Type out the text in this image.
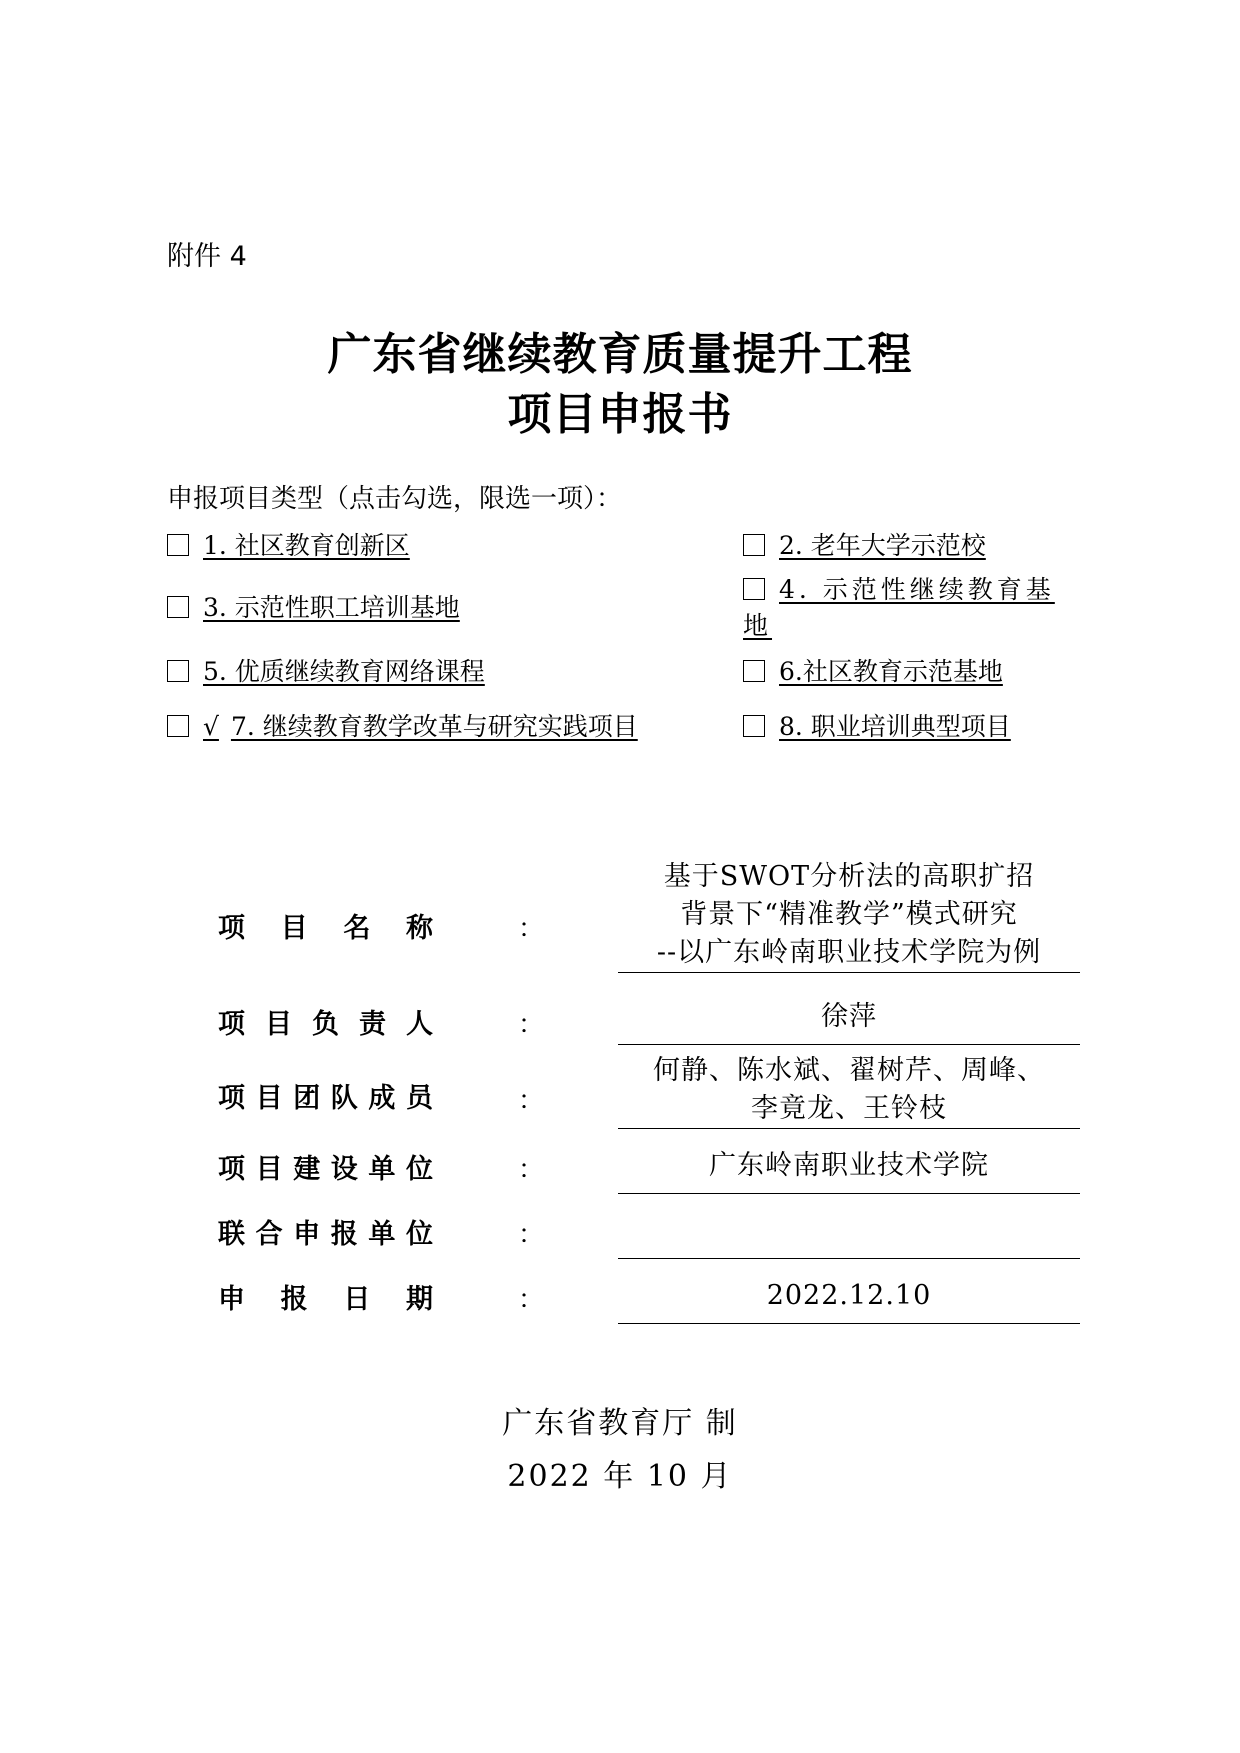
附件 4
广东省继续教育质量提升工程
项目申报书
申报项目类型（点击勾选，限选一项）：
1. 社区教育创新区	2. 老年大学示范校
3. 示范性职工培训基地
4. 示范性继续教育基地
5. 优质继续教育网络课程	6.社区教育示范基地
√ 7. 继续教育教学改革与研究实践项目	8. 职业培训典型项目
项 目 名 称	：
基于SWOT分析法的高职扩招
背景下“精准教学”模式研究
--以广东岭南职业技术学院为例
项 目 负 责 人	：	徐萍
项 目 团 队 成 员	：
何静、陈水斌、翟树芹、周峰、
李竟龙、王铃枝
项 目 建 设 单 位	：	广东岭南职业技术学院
联 合 申 报 单 位	：
申 报 日 期	：	2022.12.10
广东省教育厅 制
2022 年 10 月
